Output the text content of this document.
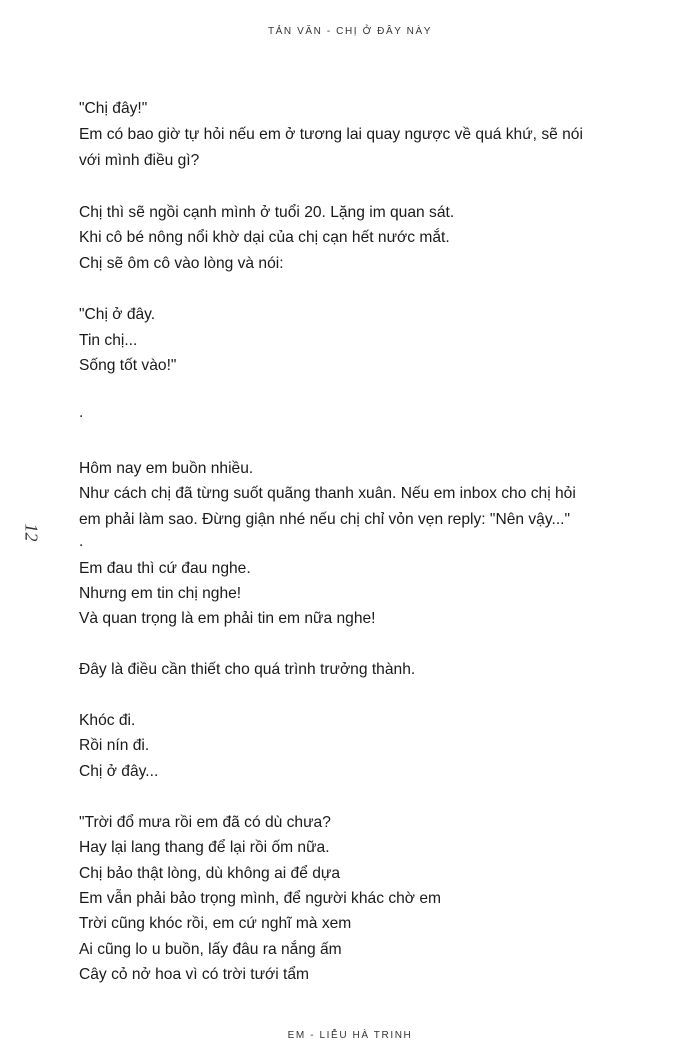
TẢN VĂN - CHỊ Ở ĐÂY NÀY
12
"Chị đây!"
Em có bao giờ tự hỏi nếu em ở tương lai quay ngược về quá khứ, sẽ nói
với mình điều gì?
Chị thì sẽ ngồi cạnh mình ở tuổi 20. Lặng im quan sát.
Khi cô bé nông nổi khờ dại của chị cạn hết nước mắt.
Chị sẽ ôm cô vào lòng và nói:
"Chị ở đây.
Tin chị...
Sống tốt vào!"
.
Hôm nay em buồn nhiều.
Như cách chị đã từng suốt quãng thanh xuân. Nếu em inbox cho chị hỏi
em phải làm sao. Đừng giận nhé nếu chị chỉ vỏn vẹn reply: "Nên vậy..."
.
Em đau thì cứ đau nghe.
Nhưng em tin chị nghe!
Và quan trọng là em phải tin em nữa nghe!
Đây là điều cần thiết cho quá trình trưởng thành.
Khóc đi.
Rồi nín đi.
Chị ở đây...
"Trời đổ mưa rồi em đã có dù chưa?
Hay lại lang thang để lại rồi ốm nữa.
Chị bảo thật lòng, dù không ai để dựa
Em vẫn phải bảo trọng mình, để người khác chờ em
Trời cũng khóc rồi, em cứ nghĩ mà xem
Ai cũng lo u buồn, lấy đâu ra nắng ấm
Cây cỏ nở hoa vì có trời tưới tẩm
EM - LIỄU HÀ TRINH
